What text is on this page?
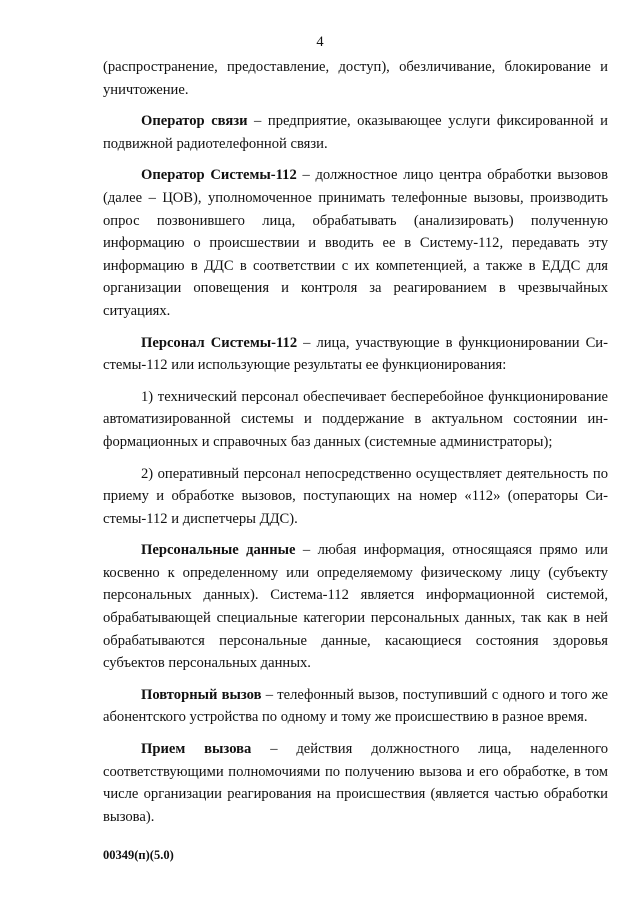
4

(распространение, предоставление, доступ), обезличивание, блокирование и уничтожение.

Оператор связи – предприятие, оказывающее услуги фиксированной и подвижной радиотелефонной связи.

Оператор Системы-112 – должностное лицо центра обработки вызовов (далее – ЦОВ), уполномоченное принимать телефонные вызовы, производить опрос позвонившего лица, обрабатывать (анализировать) полученную информацию о происшествии и вводить ее в Систему-112, передавать эту информацию в ДДС в соответствии с их компетенцией, а также в ЕДДС для организации оповещения и контроля за реагированием в чрезвычайных ситуациях.

Персонал Системы-112 – лица, участвующие в функционировании Системы-112 или использующие результаты ее функционирования:

1) технический персонал обеспечивает бесперебойное функционирование автоматизированной системы и поддержание в актуальном состоянии информационных и справочных баз данных (системные администраторы);

2) оперативный персонал непосредственно осуществляет деятельность по приему и обработке вызовов, поступающих на номер «112» (операторы Системы-112 и диспетчеры ДДС).

Персональные данные – любая информация, относящаяся прямо или косвенно к определенному или определяемому физическому лицу (субъекту персональных данных). Система-112 является информационной системой, обрабатывающей специальные категории персональных данных, так как в ней обрабатываются персональные данные, касающиеся состояния здоровья субъектов персональных данных.

Повторный вызов – телефонный вызов, поступивший с одного и того же абонентского устройства по одному и тому же происшествию в разное время.

Прием вызова – действия должностного лица, наделенного соответствующими полномочиями по получению вызова и его обработке, в том числе организации реагирования на происшествия (является частью обработки вызова).

00349(п)(5.0)
